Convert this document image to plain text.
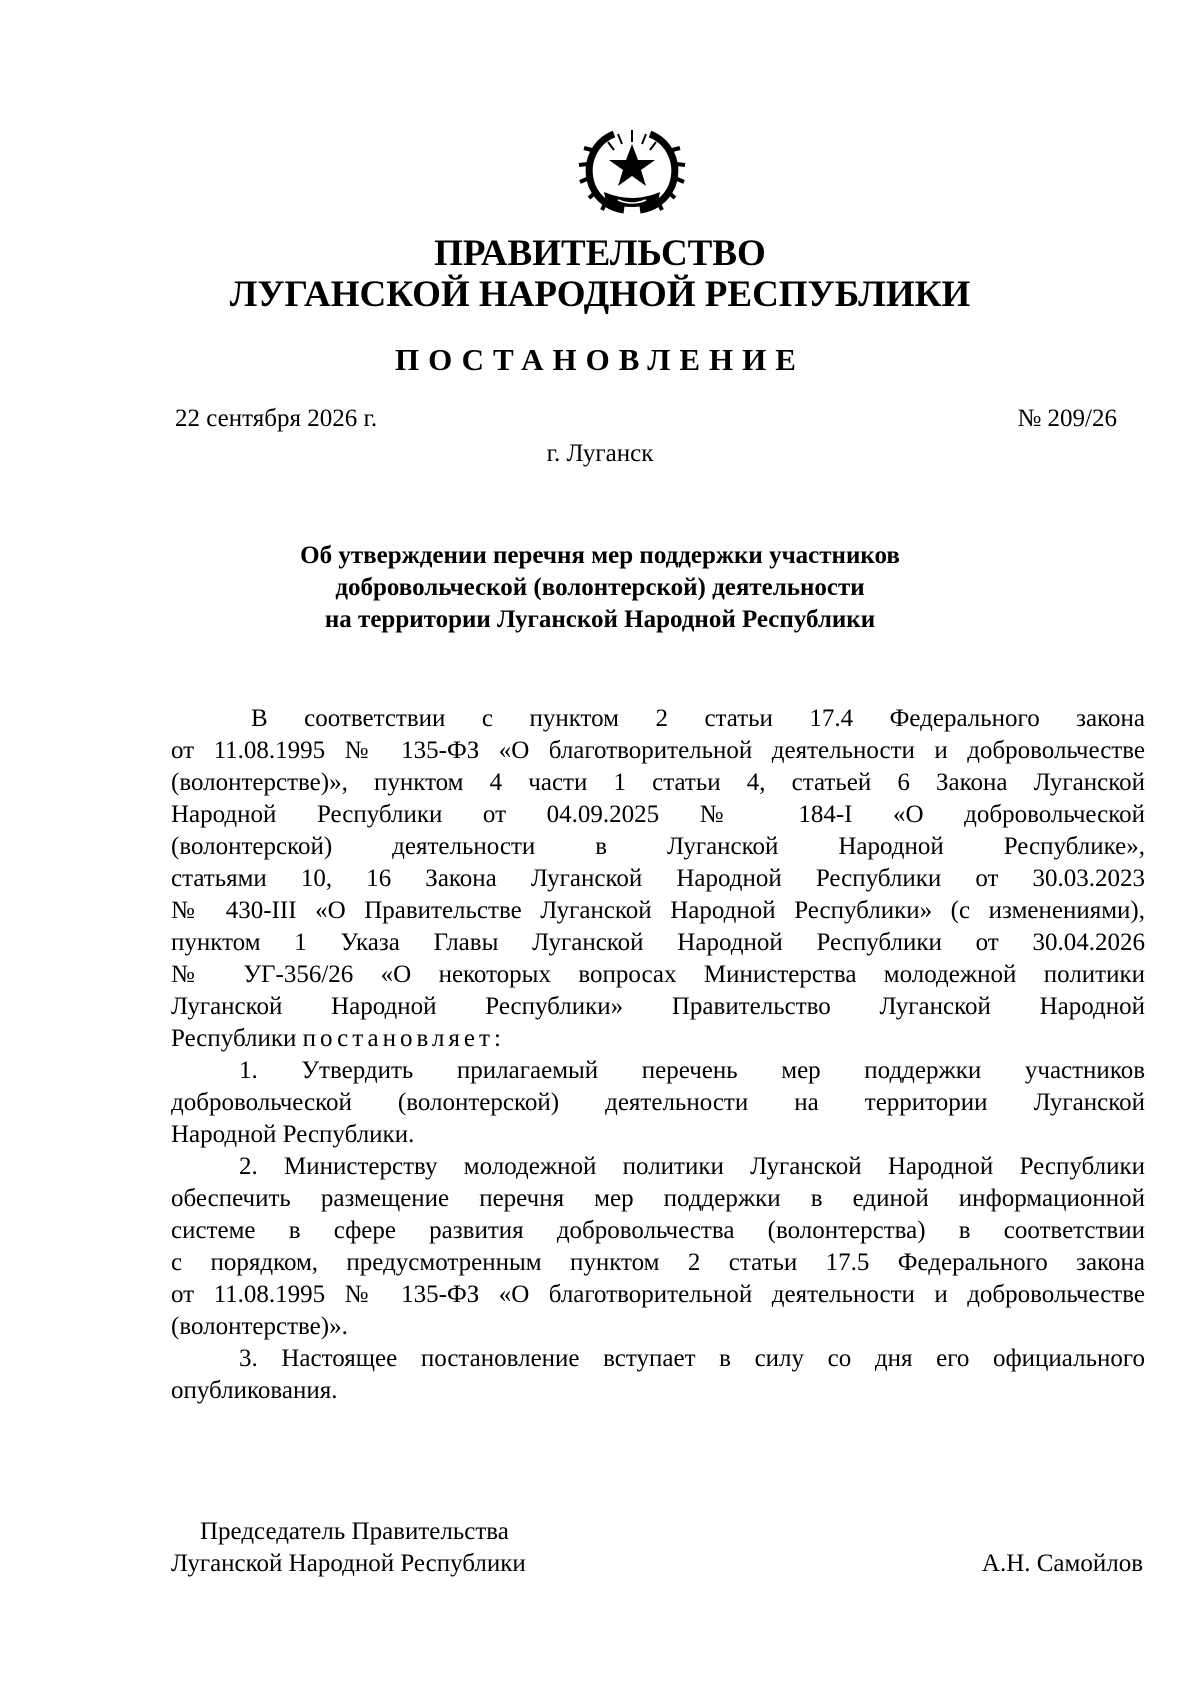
ПРАВИТЕЛЬСТВО
ЛУГАНСКОЙ НАРОДНОЙ РЕСПУБЛИКИ
ПОСТАНОВЛЕНИЕ
22 сентября 2026 г.	№ 209/26
г. Луганск
Об утверждении перечня мер поддержки участников
добровольческой (волонтерской) деятельности
на территории Луганской Народной Республики
В соответствии с пунктом 2 статьи 17.4 Федерального закона
от 11.08.1995 № 135-ФЗ «О благотворительной деятельности и добровольчестве
(волонтерстве)», пунктом 4 части 1 статьи 4, статьей 6 Закона Луганской
Народной Республики от 04.09.2025 № 184-I «О добровольческой
(волонтерской) деятельности в Луганской Народной Республике»,
статьями 10, 16 Закона Луганской Народной Республики от 30.03.2023
№ 430-III «О Правительстве Луганской Народной Республики» (с изменениями),
пунктом 1 Указа Главы Луганской Народной Республики от 30.04.2026
№ УГ-356/26 «О некоторых вопросах Министерства молодежной политики
Луганской Народной Республики» Правительство Луганской Народной
Республики постановляет:
1. Утвердить прилагаемый перечень мер поддержки участников
добровольческой (волонтерской) деятельности на территории Луганской
Народной Республики.
2. Министерству молодежной политики Луганской Народной Республики
обеспечить размещение перечня мер поддержки в единой информационной
системе в сфере развития добровольчества (волонтерства) в соответствии
с порядком, предусмотренным пунктом 2 статьи 17.5 Федерального закона
от 11.08.1995 № 135-ФЗ «О благотворительной деятельности и добровольчестве
(волонтерстве)».
3. Настоящее постановление вступает в силу со дня его официального
опубликования.
Председатель Правительства
Луганской Народной Республики	А.Н. Самойлов
